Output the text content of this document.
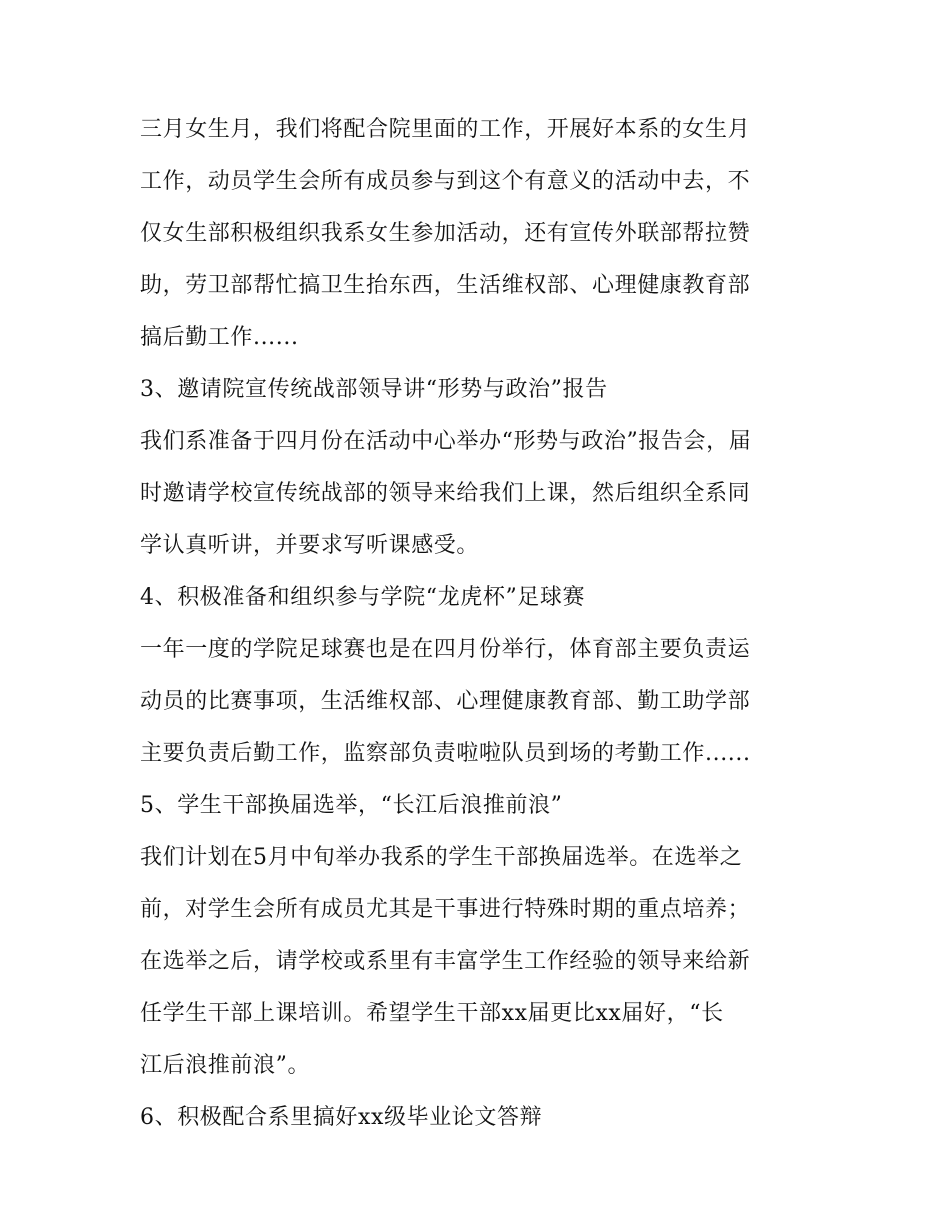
三月女生月，我们将配合院里面的工作，开展好本系的女生月
工作，动员学生会所有成员参与到这个有意义的活动中去，不
仅女生部积极组织我系女生参加活动，还有宣传外联部帮拉赞
助，劳卫部帮忙搞卫生抬东西，生活维权部、心理健康教育部
搞后勤工作......
3、邀请院宣传统战部领导讲“形势与政治”报告
我们系准备于四月份在活动中心举办“形势与政治”报告会，届
时邀请学校宣传统战部的领导来给我们上课，然后组织全系同
学认真听讲，并要求写听课感受。
4、积极准备和组织参与学院“龙虎杯”足球赛
一年一度的学院足球赛也是在四月份举行，体育部主要负责运
动员的比赛事项，生活维权部、心理健康教育部、勤工助学部
主要负责后勤工作，监察部负责啦啦队员到场的考勤工作......
5、学生干部换届选举，“长江后浪推前浪”
我们计划在5月中旬举办我系的学生干部换届选举。在选举之
前，对学生会所有成员尤其是干事进行特殊时期的重点培养；
在选举之后，请学校或系里有丰富学生工作经验的领导来给新
任学生干部上课培训。希望学生干部xx届更比xx届好，“长
江后浪推前浪”。
6、积极配合系里搞好xx级毕业论文答辩
